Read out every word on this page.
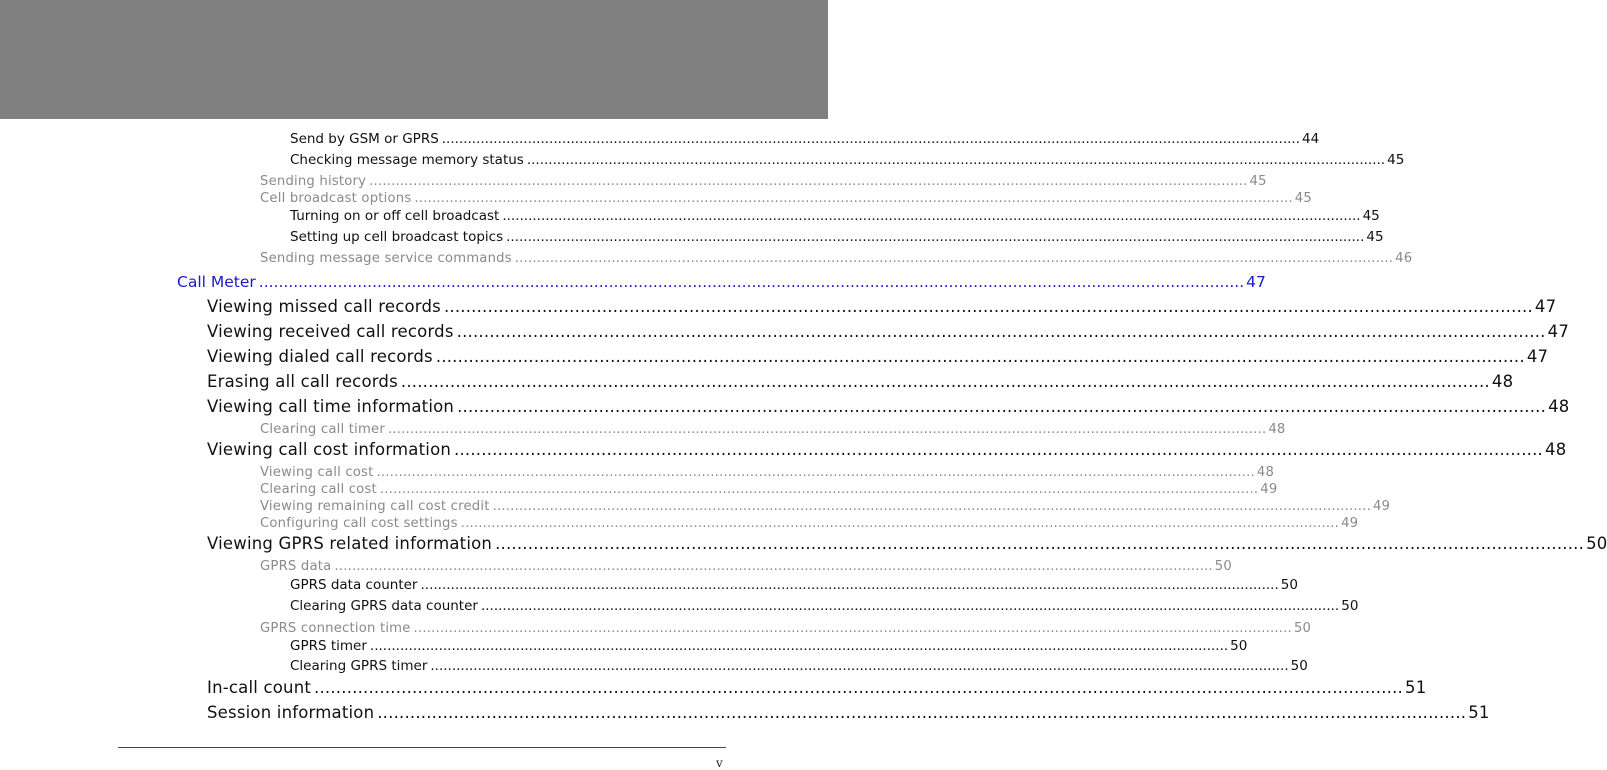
Send by GSM or GPRS ........................................................................................................................................................................................................ 44
Checking message memory status ........................................................................................................................................................................................................ 45
Sending history ........................................................................................................................................................................................................ 45
Cell broadcast options ........................................................................................................................................................................................................ 45
Turning on or off cell broadcast ........................................................................................................................................................................................................ 45
Setting up cell broadcast topics ........................................................................................................................................................................................................ 45
Sending message service commands ........................................................................................................................................................................................................ 46
Call Meter ........................................................................................................................................................................................................ 47
Viewing missed call records ........................................................................................................................................................................................................ 47
Viewing received call records ........................................................................................................................................................................................................ 47
Viewing dialed call records ........................................................................................................................................................................................................ 47
Erasing all call records ........................................................................................................................................................................................................ 48
Viewing call time information ........................................................................................................................................................................................................ 48
Clearing call timer ........................................................................................................................................................................................................ 48
Viewing call cost information ........................................................................................................................................................................................................ 48
Viewing call cost ........................................................................................................................................................................................................ 48
Clearing call cost ........................................................................................................................................................................................................ 49
Viewing remaining call cost credit ........................................................................................................................................................................................................ 49
Configuring call cost settings ........................................................................................................................................................................................................ 49
Viewing GPRS related information ........................................................................................................................................................................................................ 50
GPRS data ........................................................................................................................................................................................................ 50
GPRS data counter ........................................................................................................................................................................................................ 50
Clearing GPRS data counter ........................................................................................................................................................................................................ 50
GPRS connection time ........................................................................................................................................................................................................ 50
GPRS timer ........................................................................................................................................................................................................ 50
Clearing GPRS timer ........................................................................................................................................................................................................ 50
In-call count ........................................................................................................................................................................................................ 51
Session information ........................................................................................................................................................................................................ 51
v
